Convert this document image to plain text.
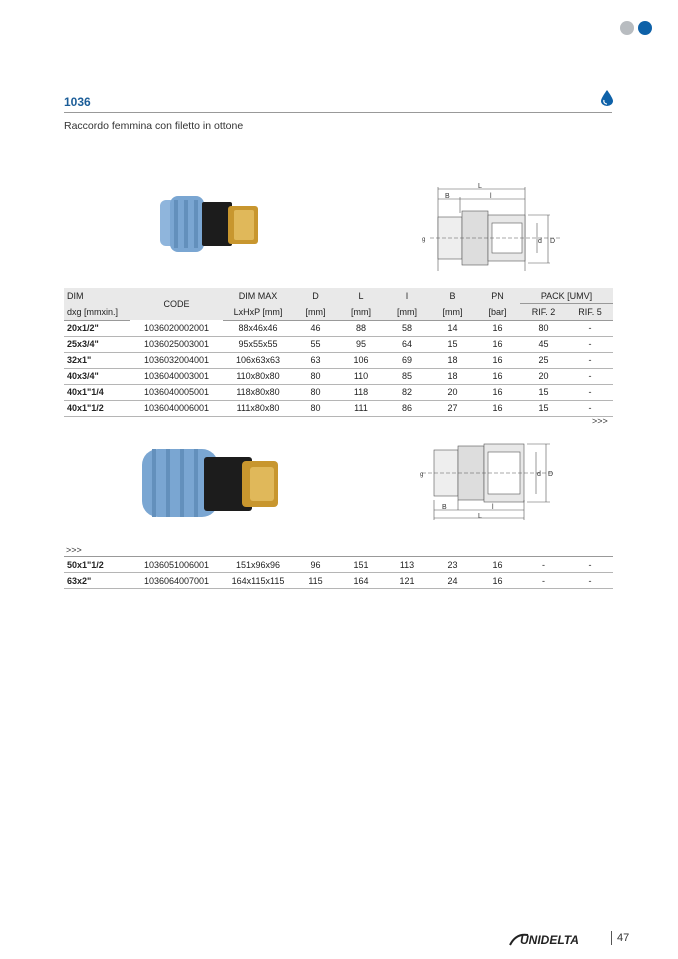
1036
Raccordo femmina con filetto in ottone
L
B	l
d D
g
DIM	CODE	DIM MAX	D	L	l	B	PN	PACK [UMV]	
dxg [mmxin.]		LxHxP [mm]	[mm]	[mm]	[mm]	[mm]	[bar]	RIF. 2	RIF. 5
20x1/2"	1036020002001	88x46x46	46	88	58	14	16	80	-
25x3/4"	1036025003001	95x55x55	55	95	64	15	16	45	-
32x1"	1036032004001	106x63x63	63	106	69	18	16	25	-
40x3/4"	1036040003001	110x80x80	80	110	85	18	16	20	-
40x1"1/4	1036040005001	118x80x80	80	118	82	20	16	15	-
40x1"1/2	1036040006001	111x80x80	80	111	86	27	16	15	-
>>>
B	l
L
d D
g
>>>
50x1"1/2	1036051006001	151x96x96	96	151	113	23	16	-	-
63x2"	1036064007001	164x115x115	115	164	121	24	16	-	-
UNIDELTA	47
